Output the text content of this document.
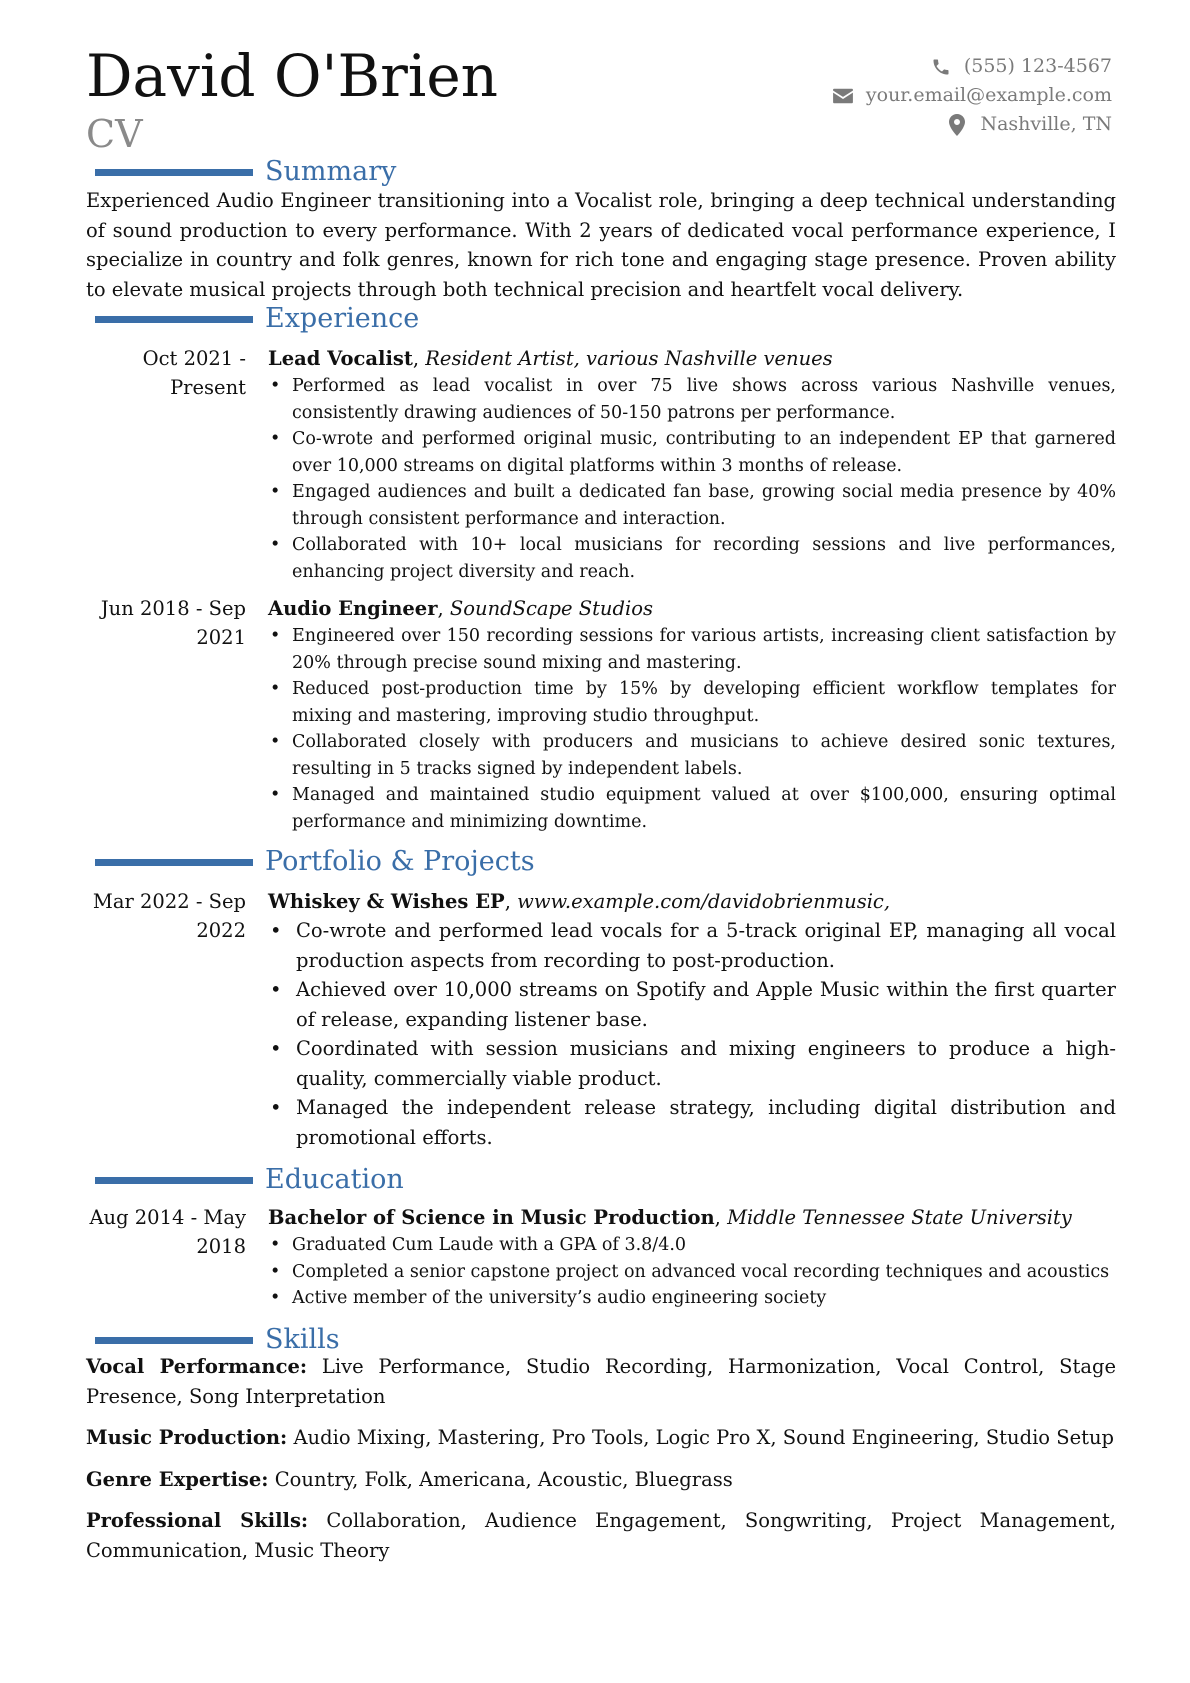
David O'Brien
CV
(555) 123-4567
your.email@example.com
Nashville, TN
Summary

Experienced Audio Engineer transitioning into a Vocalist role, bringing a deep technical understanding of sound production to every performance. With 2 years of dedicated vocal performance experience, I specialize in country and folk genres, known for rich tone and engaging stage presence. Proven ability to elevate musical projects through both technical precision and heartfelt vocal delivery.

Experience
Oct 2021 - Present
Lead Vocalist, Resident Artist, various Nashville venues
• Performed as lead vocalist in over 75 live shows across various Nashville venues, consistently drawing audiences of 50-150 patrons per performance.
• Co-wrote and performed original music, contributing to an independent EP that garnered over 10,000 streams on digital platforms within 3 months of release.
• Engaged audiences and built a dedicated fan base, growing social media presence by 40% through consistent performance and interaction.
• Collaborated with 10+ local musicians for recording sessions and live performances, enhancing project diversity and reach.
Jun 2018 - Sep 2021
Audio Engineer, SoundScape Studios
• Engineered over 150 recording sessions for various artists, increasing client satisfaction by 20% through precise sound mixing and mastering.
• Reduced post-production time by 15% by developing efficient workflow templates for mixing and mastering, improving studio throughput.
• Collaborated closely with producers and musicians to achieve desired sonic textures, resulting in 5 tracks signed by independent labels.
• Managed and maintained studio equipment valued at over $100,000, ensuring optimal performance and minimizing downtime.
Portfolio & Projects
Mar 2022 - Sep 2022
Whiskey & Wishes EP, www.example.com/davidobrienmusic,
• Co-wrote and performed lead vocals for a 5-track original EP, managing all vocal production aspects from recording to post-production.
• Achieved over 10,000 streams on Spotify and Apple Music within the first quarter of release, expanding listener base.
• Coordinated with session musicians and mixing engineers to produce a high-quality, commercially viable product.
• Managed the independent release strategy, including digital distribution and promotional efforts.
Education
Aug 2014 - May 2018
Bachelor of Science in Music Production, Middle Tennessee State University
• Graduated Cum Laude with a GPA of 3.8/4.0
• Completed a senior capstone project on advanced vocal recording techniques and acoustics
• Active member of the university’s audio engineering society
Skills
Vocal Performance: Live Performance, Studio Recording, Harmonization, Vocal Control, Stage Presence, Song Interpretation
Music Production: Audio Mixing, Mastering, Pro Tools, Logic Pro X, Sound Engineering, Studio Setup
Genre Expertise: Country, Folk, Americana, Acoustic, Bluegrass
Professional Skills: Collaboration, Audience Engagement, Songwriting, Project Management, Communication, Music Theory
